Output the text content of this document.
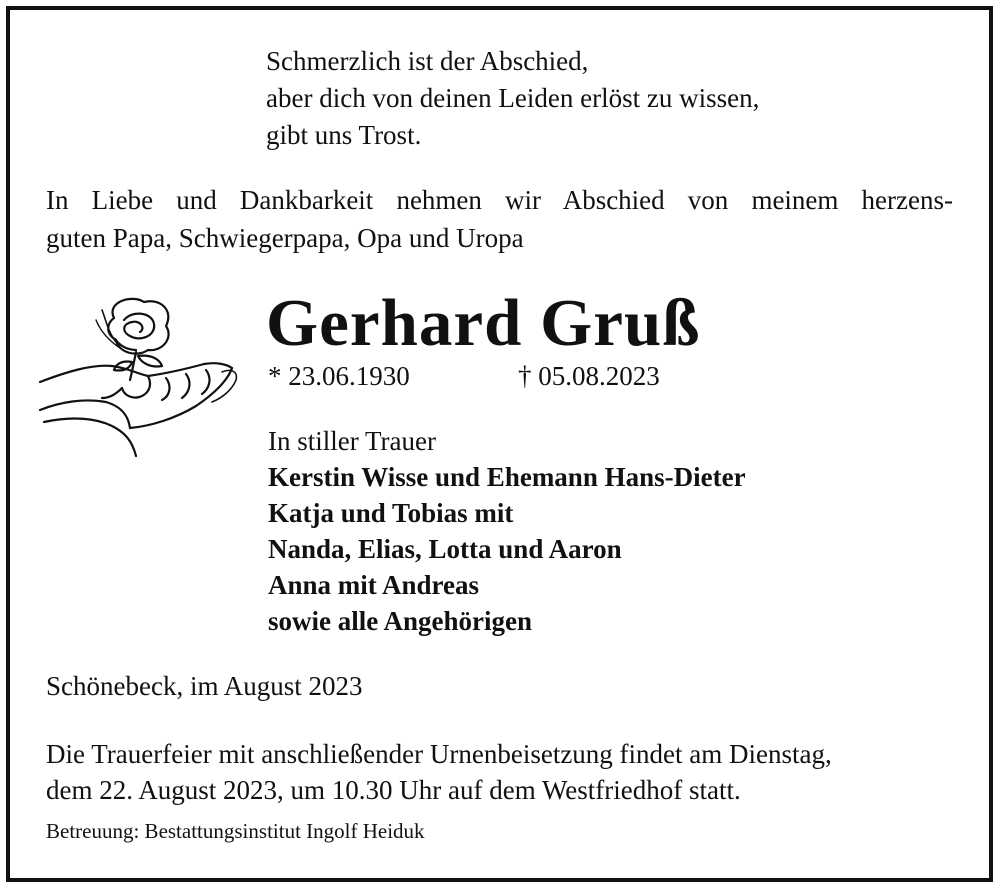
Schmerzlich ist der Abschied,
aber dich von deinen Leiden erlöst zu wissen,
gibt uns Trost.
In Liebe und Dankbarkeit nehmen wir Abschied von meinem herzens-
guten Papa, Schwiegerpapa, Opa und Uropa
Gerhard Gruß
* 23.06.1930	† 05.08.2023
In stiller Trauer
Kerstin Wisse und Ehemann Hans-Dieter
Katja und Tobias mit
Nanda, Elias, Lotta und Aaron
Anna mit Andreas
sowie alle Angehörigen
Schönebeck, im August 2023
Die Trauerfeier mit anschließender Urnenbeisetzung findet am Dienstag,
dem 22. August 2023, um 10.30 Uhr auf dem Westfriedhof statt.
Betreuung: Bestattungsinstitut Ingolf Heiduk
